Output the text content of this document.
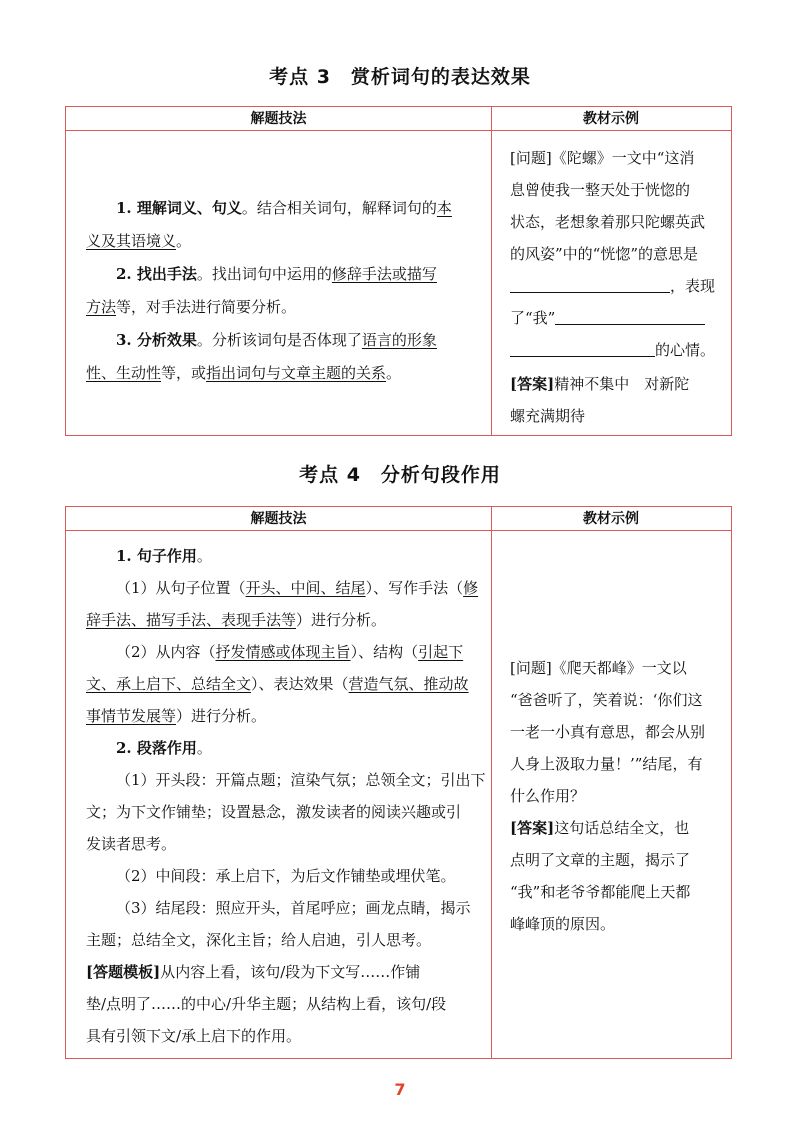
考点 3　赏析词句的表达效果
解题技法	教材示例
1. 理解词义、句义。结合相关词句，解释词句的本
义及其语境义。
2. 找出手法。找出词句中运用的修辞手法或描写
方法等，对手法进行简要分析。
3. 分析效果。分析该词句是否体现了语言的形象
性、生动性等，或指出词句与文章主题的关系。
[问题]《陀螺》一文中“这消
息曾使我一整天处于恍惚的
状态，老想象着那只陀螺英武
的风姿”中的“恍惚”的意思是
，表现
了“我”
的心情。
[答案]精神不集中　对新陀
螺充满期待
考点 4　分析句段作用
解题技法	教材示例
1. 句子作用。
（1）从句子位置（开头、中间、结尾）、写作手法（修
辞手法、描写手法、表现手法等）进行分析。
（2）从内容（抒发情感或体现主旨）、结构（引起下
文、承上启下、总结全文）、表达效果（营造气氛、推动故
事情节发展等）进行分析。
2. 段落作用。
（1）开头段：开篇点题；渲染气氛；总领全文；引出下
文；为下文作铺垫；设置悬念，激发读者的阅读兴趣或引
发读者思考。
（2）中间段：承上启下，为后文作铺垫或埋伏笔。
（3）结尾段：照应开头，首尾呼应；画龙点睛，揭示
主题；总结全文，深化主旨；给人启迪，引人思考。
[答题模板]从内容上看，该句/段为下文写……作铺
垫/点明了……的中心/升华主题；从结构上看，该句/段
具有引领下文/承上启下的作用。
[问题]《爬天都峰》一文以
“爸爸听了，笑着说：‘你们这
一老一小真有意思，都会从别
人身上汲取力量！’”结尾，有
什么作用？
[答案]这句话总结全文，也
点明了文章的主题，揭示了
“我”和老爷爷都能爬上天都
峰峰顶的原因。
7
